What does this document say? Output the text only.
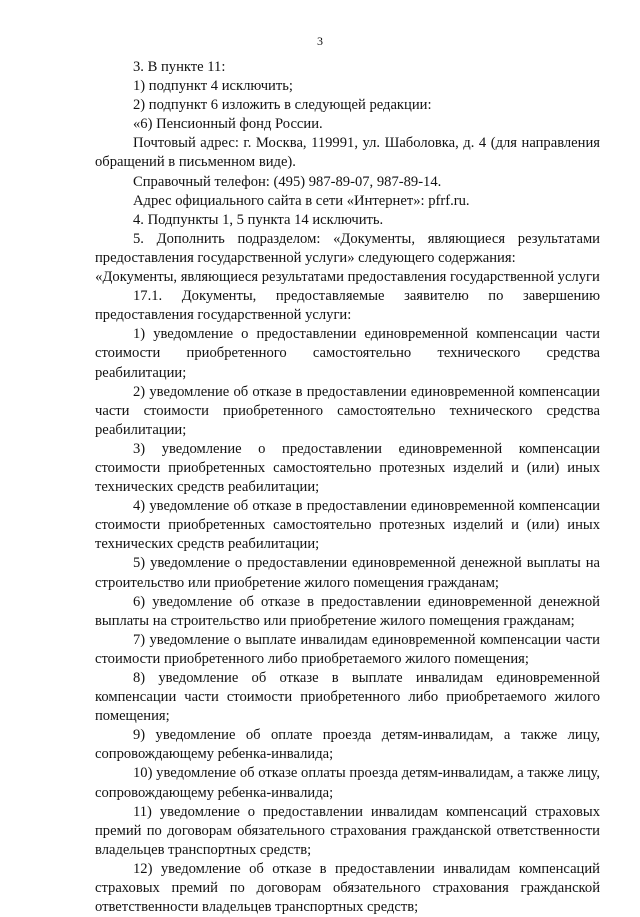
3

3. В пункте 11:

1) подпункт 4 исключить;

2) подпункт 6 изложить в следующей редакции:

«6) Пенсионный фонд России.

Почтовый адрес: г. Москва, 119991, ул. Шаболовка, д. 4 (для направления обращений в письменном виде).

Справочный телефон: (495) 987-89-07, 987-89-14.

Адрес официального сайта в сети «Интернет»: pfrf.ru.

4. Подпункты 1, 5 пункта 14 исключить.

5. Дополнить подразделом: «Документы, являющиеся результатами предоставления государственной услуги» следующего содержания:

«Документы, являющиеся результатами предоставления государственной услуги

17.1. Документы, предоставляемые заявителю по завершению предоставления государственной услуги:

1) уведомление о предоставлении единовременной компенсации части стоимости приобретенного самостоятельно технического средства реабилитации;

2) уведомление об отказе в предоставлении единовременной компенсации части стоимости приобретенного самостоятельно технического средства реабилитации;

3) уведомление о предоставлении единовременной компенсации стоимости приобретенных самостоятельно протезных изделий и (или) иных технических средств реабилитации;

4) уведомление об отказе в предоставлении единовременной компенсации стоимости приобретенных самостоятельно протезных изделий и (или) иных технических средств реабилитации;

5) уведомление о предоставлении единовременной денежной выплаты на строительство или приобретение жилого помещения гражданам;

6) уведомление об отказе в предоставлении единовременной денежной выплаты на строительство или приобретение жилого помещения гражданам;

7) уведомление о выплате инвалидам единовременной компенсации части стоимости приобретенного либо приобретаемого жилого помещения;

8) уведомление об отказе в выплате инвалидам единовременной компенсации части стоимости приобретенного либо приобретаемого жилого помещения;

9) уведомление об оплате проезда детям-инвалидам, а также лицу, сопровождающему ребенка-инвалида;

10) уведомление об отказе оплаты проезда детям-инвалидам, а также лицу, сопровождающему ребенка-инвалида;

11) уведомление о предоставлении инвалидам компенсаций страховых премий по договорам обязательного страхования гражданской ответственности владельцев транспортных средств;

12) уведомление об отказе в предоставлении инвалидам компенсаций страховых премий по договорам обязательного страхования гражданской ответственности владельцев транспортных средств;
